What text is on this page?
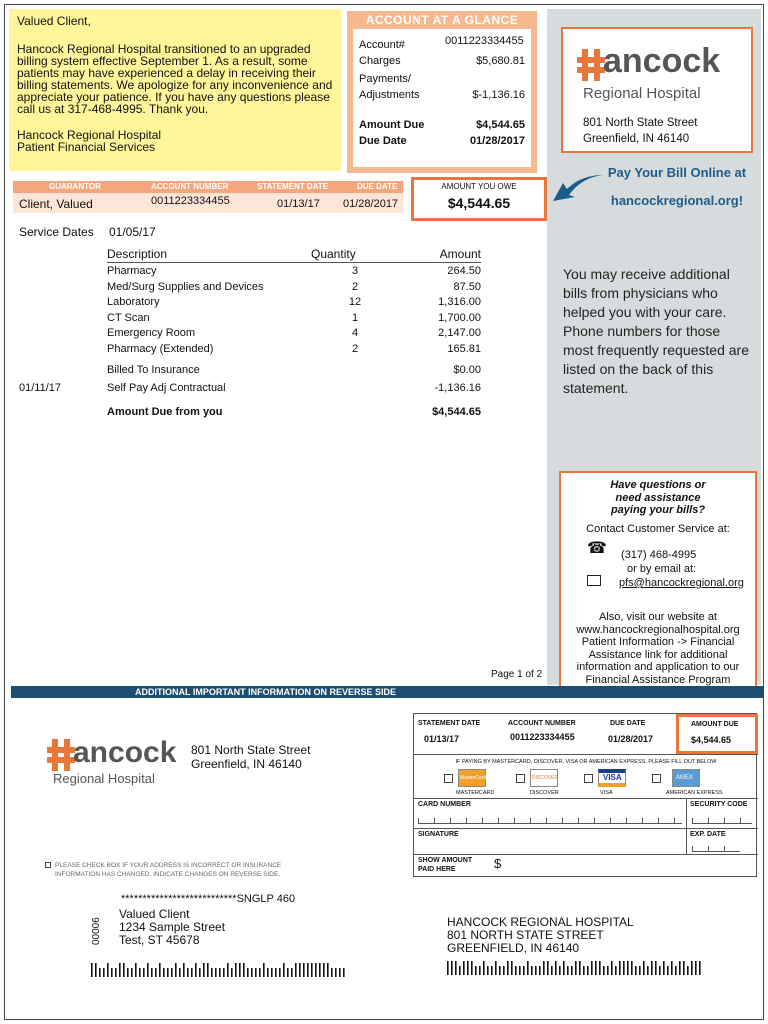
Valued Client,

Hancock Regional Hospital transitioned to an upgraded billing system effective September 1. As a result, some patients may have experienced a delay in receiving their billing statements. We apologize for any inconvenience and appreciate your patience. If you have any questions please call us at 317-468-4995. Thank you.

Hancock Regional Hospital
Patient Financial Services
ACCOUNT AT A GLANCE
Account#	0011223334455
Charges	$5,680.81
Payments/
Adjustments	$-1,136.16
Amount Due	$4,544.65
Due Date	01/28/2017
ancock
Regional Hospital
801 North State Street
Greenfield, IN 46140
Pay Your Bill Online at
hancockregional.org!
You may receive additional bills from physicians who helped you with your care. Phone numbers for those most frequently requested are listed on the back of this statement.
GUARANTOR	ACCOUNT NUMBER	STATEMENT DATE	DUE DATE
Client, Valued	0011223334455	01/13/17 01/28/2017
AMOUNT YOU OWE
$4,544.65
Service Dates 01/05/17
Description	Quantity	Amount
Pharmacy	3	264.50
Med/Surg Supplies and Devices	2	87.50
Laboratory	12	1,316.00
CT Scan	1	1,700.00
Emergency Room	4	2,147.00
Pharmacy (Extended)	2	165.81
Billed To Insurance	$0.00
01/11/17	Self Pay Adj Contractual	-1,136.16
Amount Due from you	$4,544.65
Have questions or
need assistance
paying your bills?
Contact Customer Service at:
☎ (317) 468-4995
or by email at:
pfs@hancockregional.org
Also, visit our website at
www.hancockregionalhospital.org
Patient Information -> Financial
Assistance link for additional
information and application to our
Financial Assistance Program
Page 1 of 2
ADDITIONAL IMPORTANT INFORMATION ON REVERSE SIDE
ancock
Regional Hospital
801 North State Street
Greenfield, IN 46140
STATEMENT DATE	ACCOUNT NUMBER	DUE DATE
01/13/17	0011223334455	01/28/2017
AMOUNT DUE
$4,544.65
IF PAYING BY MASTERCARD, DISCOVER, VISA OR AMERICAN EXPRESS, PLEASE FILL OUT BELOW
MasterCard	DISCOVER	VISA	AMEX
MASTERCARD	DISCOVER	VISA	AMERICAN EXPRESS
CARD NUMBER	SECURITY CODE
SIGNATURE	EXP. DATE
SHOW AMOUNT
PAID HERE	$
PLEASE CHECK BOX IF YOUR ADDRESS IS INCORRECT OR INSURANCE
INFORMATION HAS CHANGED. INDICATE CHANGES ON REVERSE SIDE.
***************************SNGLP 460
00006
Valued Client
1234 Sample Street
Test, ST 45678
HANCOCK REGIONAL HOSPITAL
801 NORTH STATE STREET
GREENFIELD, IN 46140
